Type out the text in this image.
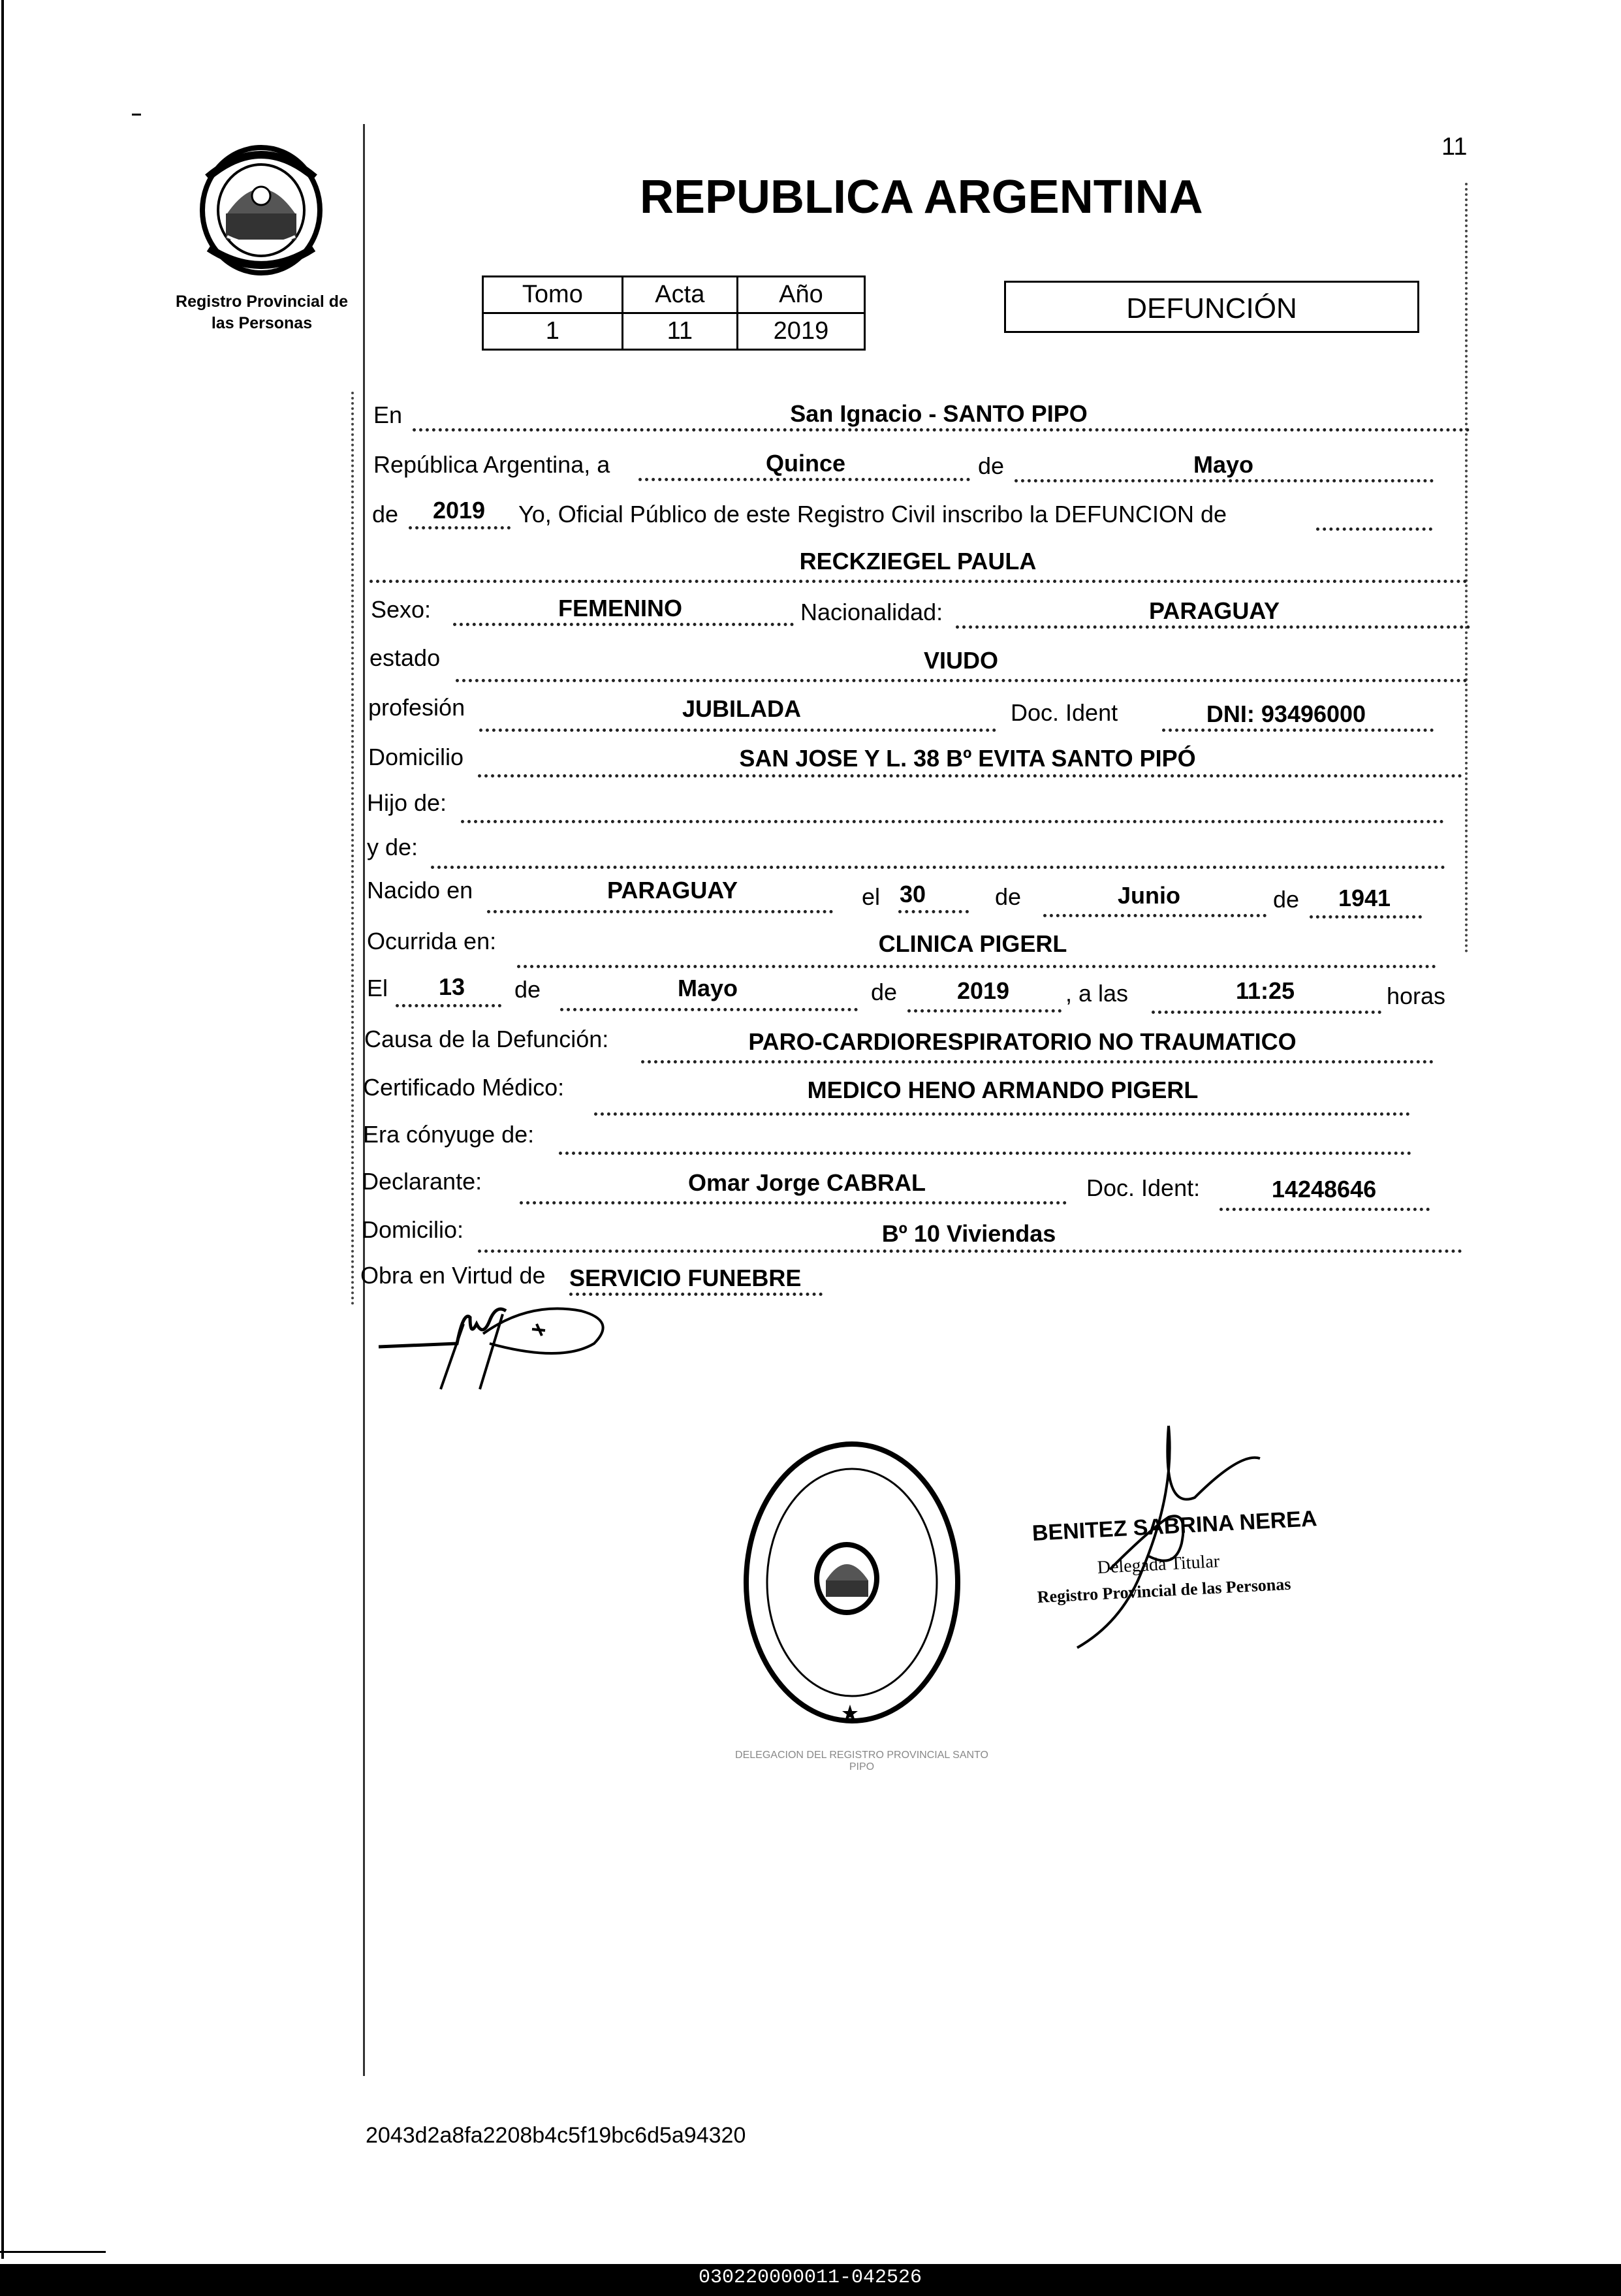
Registro Provincial de las Personas
11
REPUBLICA ARGENTINA
Tomo	Acta	Año
1	11	2019
DEFUNCIÓN
En	San Ignacio - SANTO PIPO
República Argentina, a	Quince	de	Mayo
de 2019 Yo, Oficial Público de este Registro Civil inscribo la DEFUNCION de
RECKZIEGEL PAULA
Sexo:	FEMENINO	Nacionalidad:	PARAGUAY
estado	VIUDO
profesión	JUBILADA	Doc. Ident	DNI: 93496000
Domicilio	SAN JOSE Y L. 38 Bº EVITA SANTO PIPÓ
Hijo de:
y de:
Nacido en	PARAGUAY	el 30	de	Junio	de 1941
Ocurrida en:	CLINICA PIGERL
El 13 de	Mayo	de	2019 , a las	11:25	horas
Causa de la Defunción:	PARO-CARDIORESPIRATORIO NO TRAUMATICO
Certificado Médico:	MEDICO HENO ARMANDO PIGERL
Era cónyuge de:
Declarante:	Omar Jorge CABRAL	Doc. Ident:	14248646
Domicilio:	Bº 10 Viviendas
Obra en Virtud de SERVICIO FUNEBRE
DELEGACION DEL REGISTRO PROVINCIAL SANTO PIPO
BENITEZ SABRINA NEREA
Delegada Titular
Registro Provincial de las Personas
2043d2a8fa2208b4c5f19bc6d5a94320
030220000011-042526
